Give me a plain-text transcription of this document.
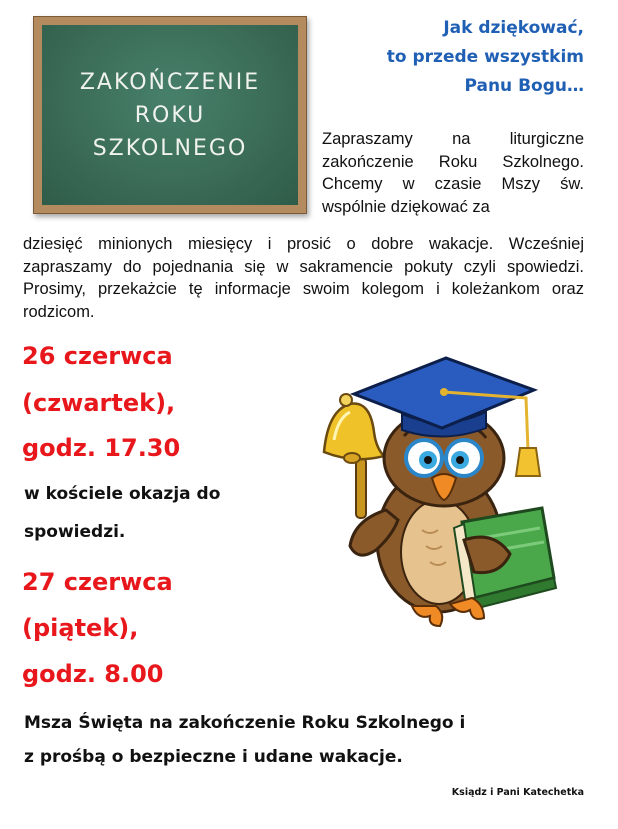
ZAKOŃCZENIE
ROKU
SZKOLNEGO
Jak dziękować,
to przede wszystkim
Panu Bogu…

Zapraszamy na liturgiczne zakończenie Roku Szkolnego. Chcemy w czasie Mszy św. wspólnie dziękować za

dziesięć minionych miesięcy i prosić o dobre wakacje. Wcześniej zapraszamy do pojednania się w sakramencie pokuty czyli spowiedzi. Prosimy, przekażcie tę informacje swoim kolegom i koleżankom oraz rodzicom.

26 czerwca
(czwartek),
godz. 17.30
w kościele okazja do
spowiedzi.
27 czerwca
(piątek),
godz. 8.00
Msza Święta na zakończenie Roku Szkolnego i
z prośbą o bezpieczne i udane wakacje.
Ksiądz i Pani Katechetka
